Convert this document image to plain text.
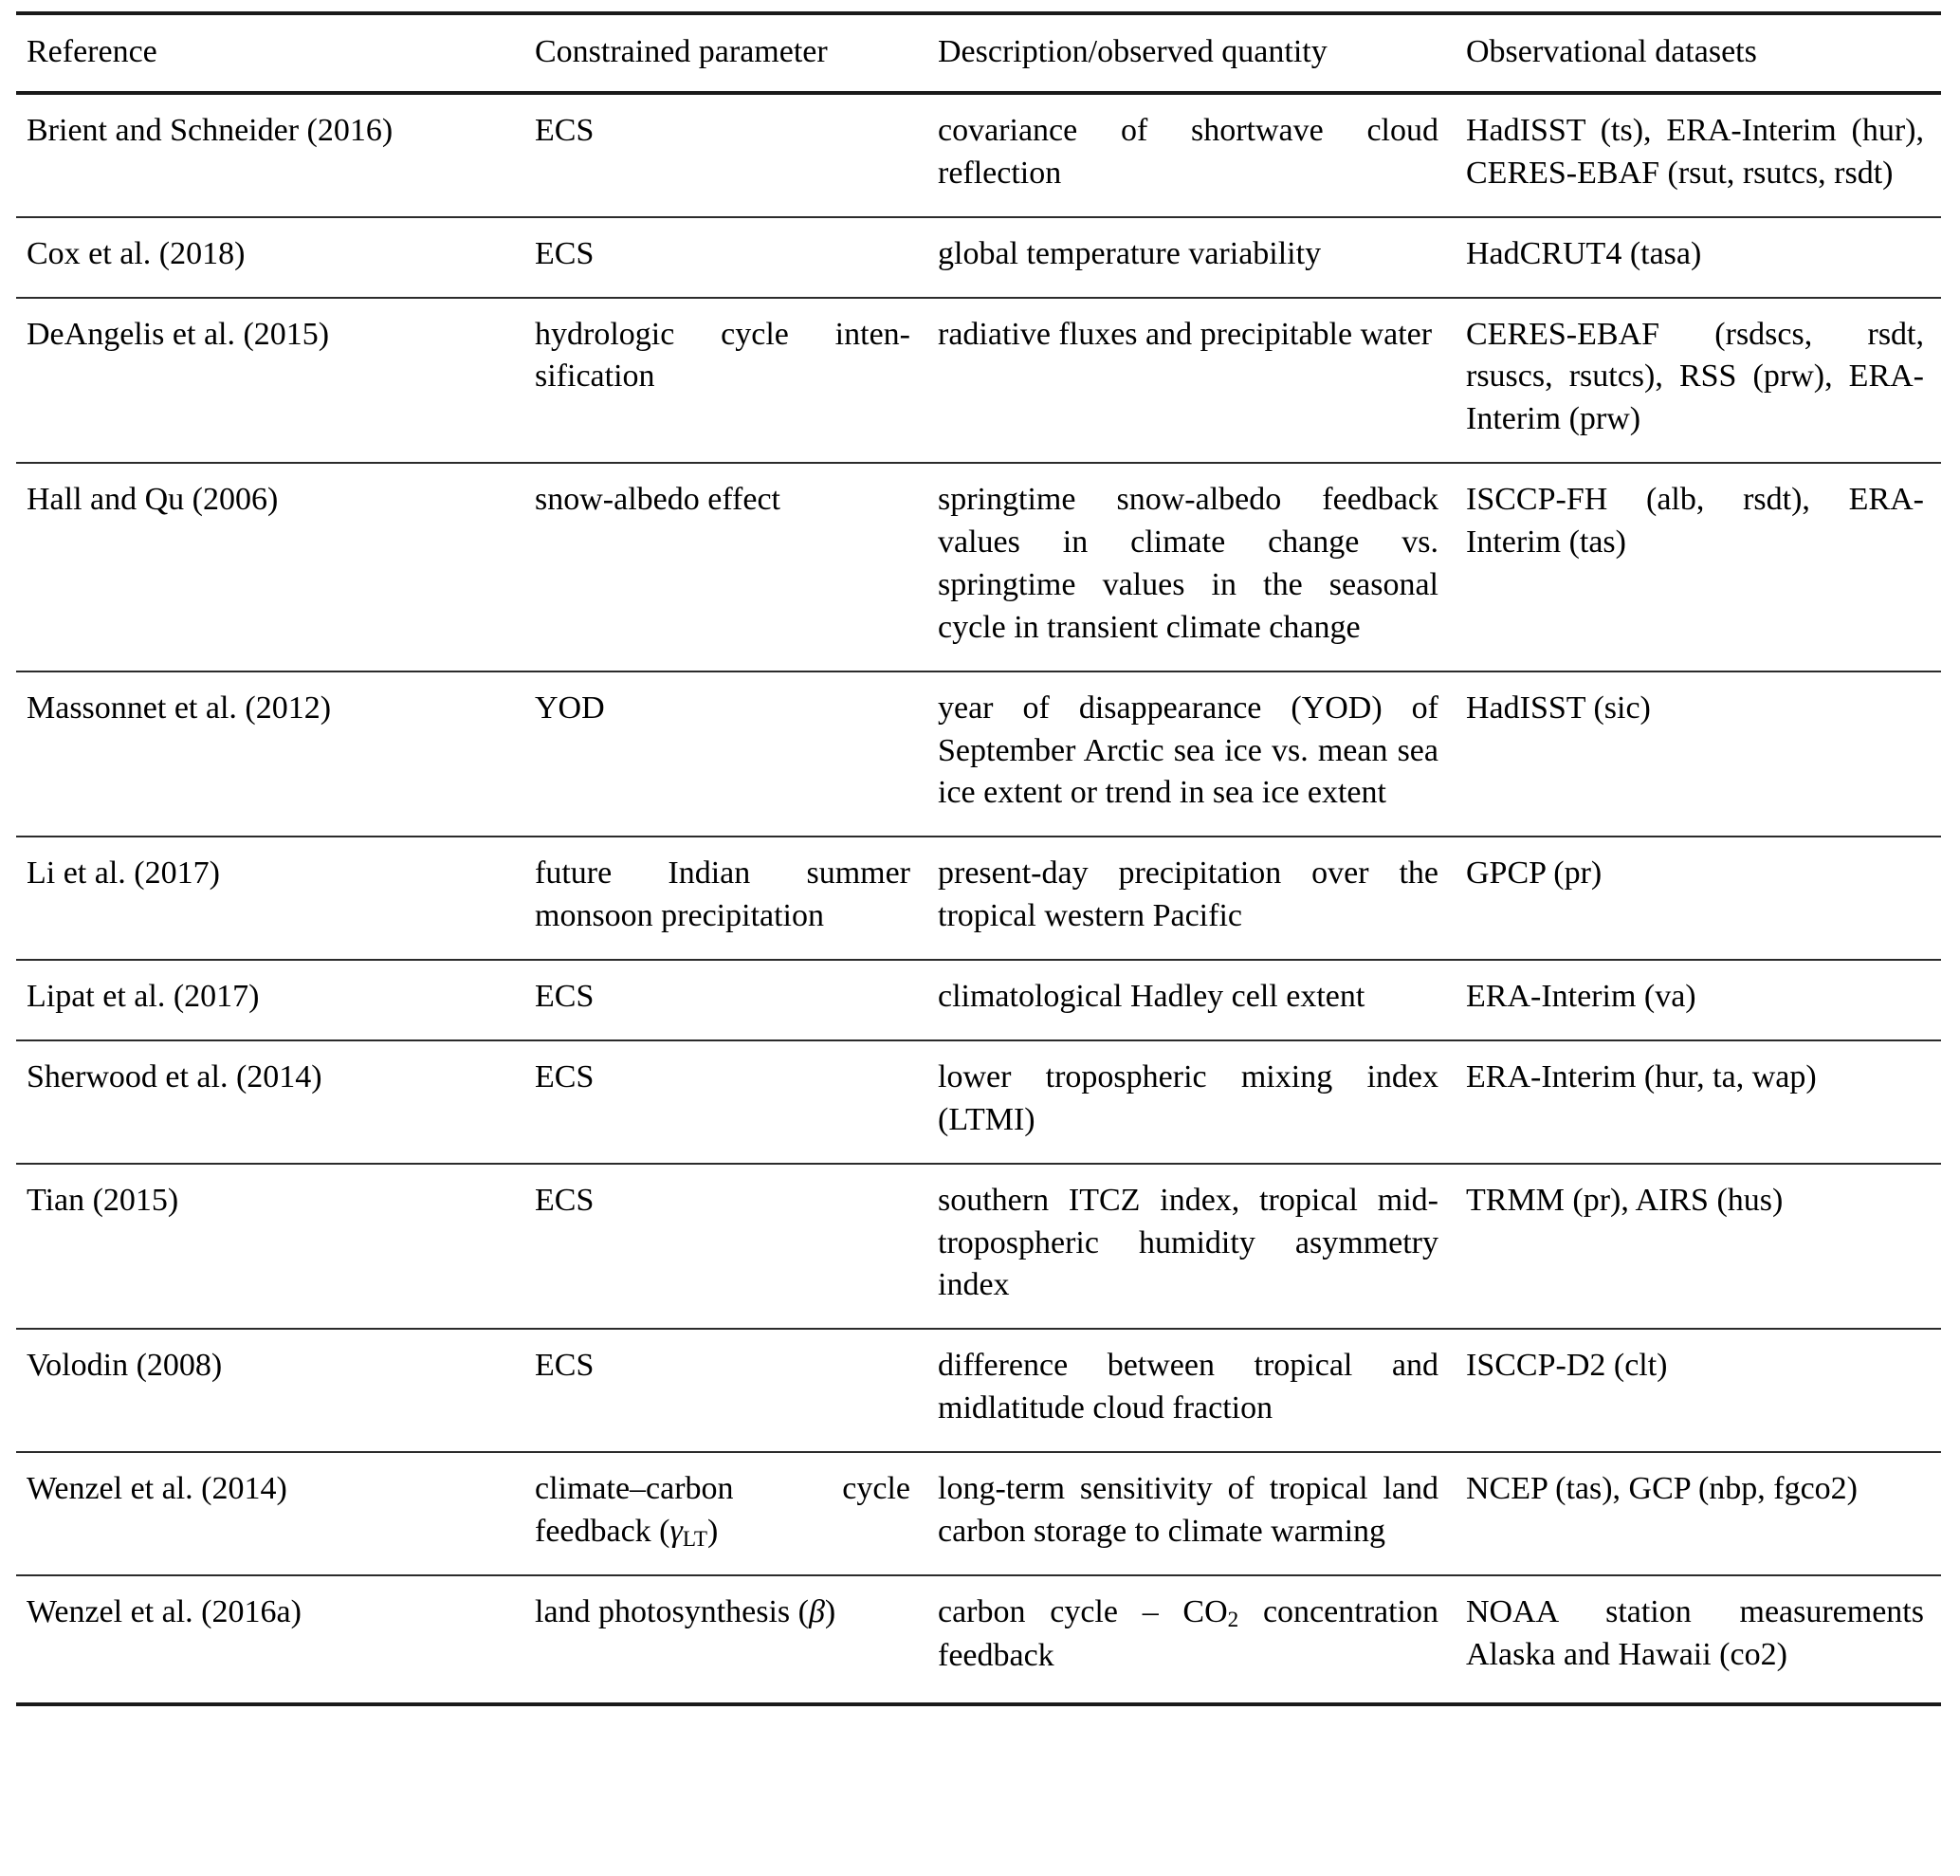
Reference	Constrained parameter	Description/observed quantity	Observational datasets
Brient and Schneider (2016)	ECS	covariance of shortwave cloud reflection	HadISST (ts), ERA-Interim (hur), CERES-EBAF (rsut, rsutcs, rsdt)
Cox et al. (2018)	ECS	global temperature variability	HadCRUT4 (tasa)
DeAngelis et al. (2015)	hydrologic cycle intensification	radiative fluxes and precipitable water	CERES-EBAF (rsdscs, rsdt, rsuscs, rsutcs), RSS (prw), ERA-Interim (prw)
Hall and Qu (2006)	snow-albedo effect	springtime snow-albedo feedback values in climate change vs. springtime values in the seasonal cycle in transient climate change	ISCCP-FH (alb, rsdt), ERA-Interim (tas)
Massonnet et al. (2012)	YOD	year of disappearance (YOD) of September Arctic sea ice vs. mean sea ice extent or trend in sea ice extent	HadISST (sic)
Li et al. (2017)	future Indian summer monsoon precipitation	present-day precipitation over the tropical western Pacific	GPCP (pr)
Lipat et al. (2017)	ECS	climatological Hadley cell extent	ERA-Interim (va)
Sherwood et al. (2014)	ECS	lower tropospheric mixing index (LTMI)	ERA-Interim (hur, ta, wap)
Tian (2015)	ECS	southern ITCZ index, tropical mid-tropospheric humidity asymmetry index	TRMM (pr), AIRS (hus)
Volodin (2008)	ECS	difference between tropical and midlatitude cloud fraction	ISCCP-D2 (clt)
Wenzel et al. (2014)	climate–carbon cycle feedback $(\gamma_{LT})$	long-term sensitivity of tropical land carbon storage to climate warming	NCEP (tas), GCP (nbp, fgco2)
Wenzel et al. (2016a)	land photosynthesis (β)	carbon cycle – $CO_2$ concentration feedback	NOAA station measurements Alaska and Hawaii (co2)
